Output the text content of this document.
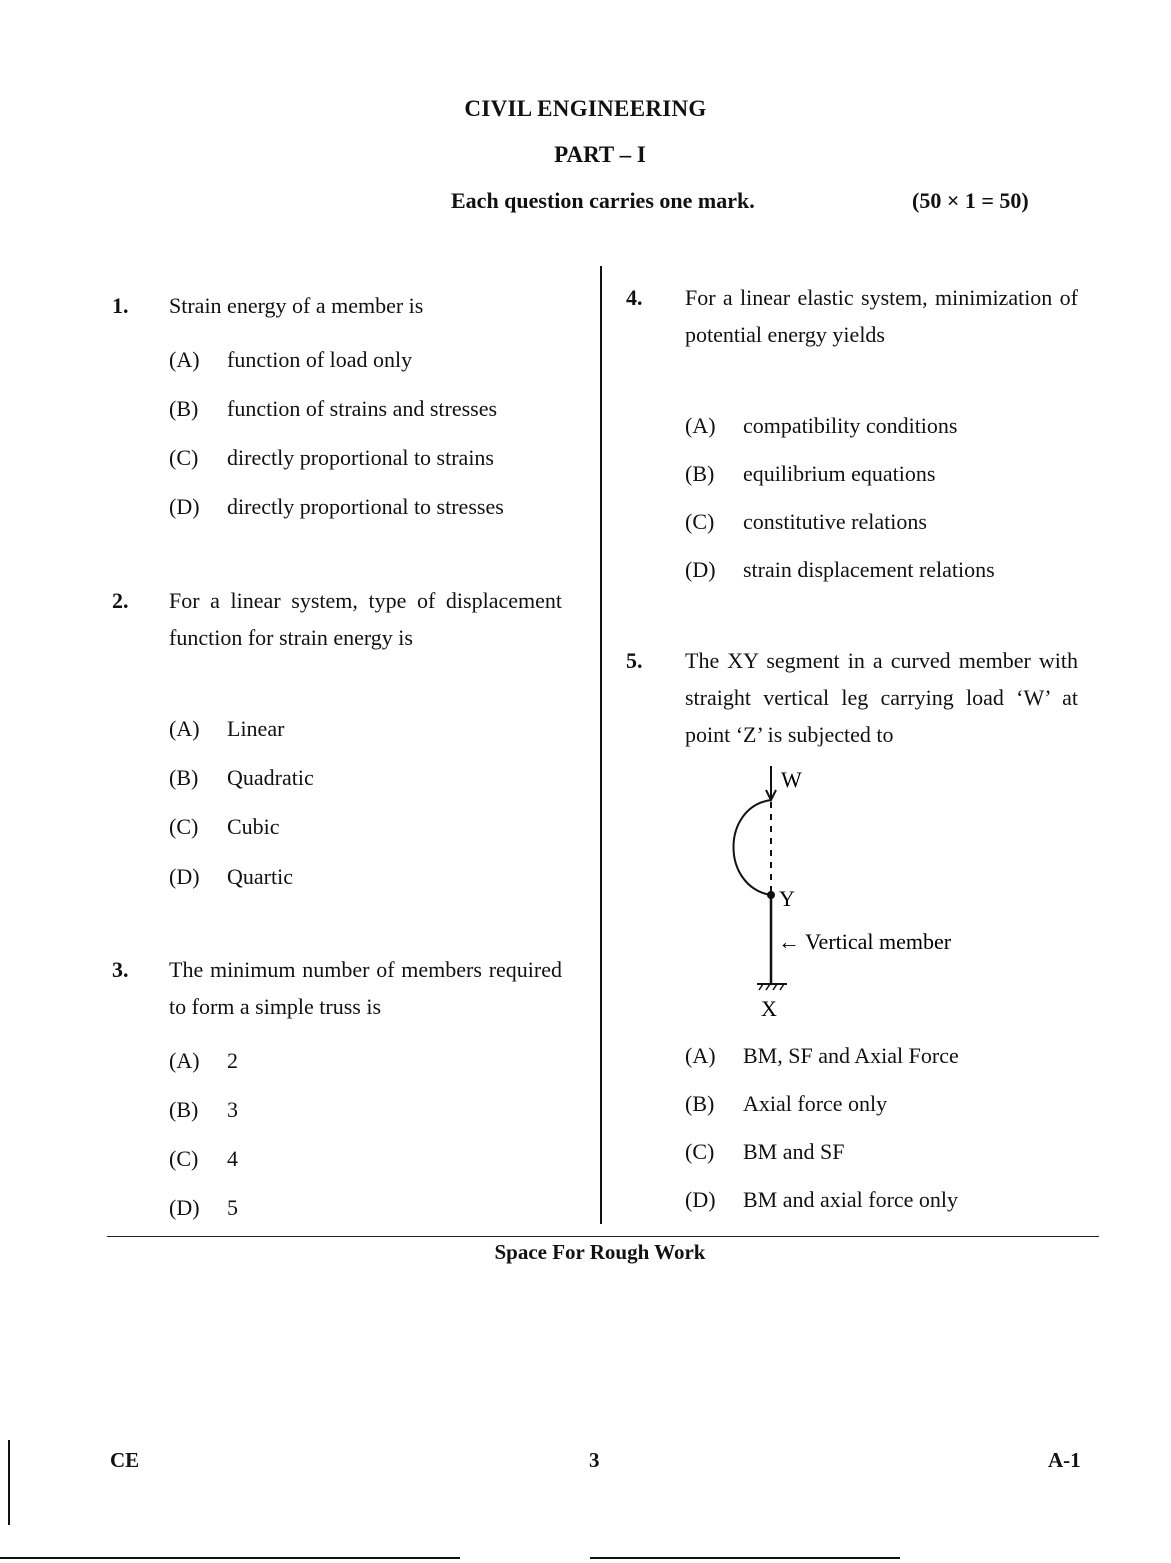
CIVIL ENGINEERING
PART – I
Each question carries one mark.	(50 × 1 = 50)
1. Strain energy of a member is
(A) function of load only
(B) function of strains and stresses
(C) directly proportional to strains
(D) directly proportional to stresses
2. For a linear system, type of displacement function for strain energy is
(A) Linear
(B) Quadratic
(C) Cubic
(D) Quartic
3. The minimum number of members required to form a simple truss is
(A) 2
(B) 3
(C) 4
(D) 5
4. For a linear elastic system, minimization of potential energy yields
(A) compatibility conditions
(B) equilibrium equations
(C) constitutive relations
(D) strain displacement relations
5. The XY segment in a curved member with straight vertical leg carrying load ‘W’ at point ‘Z’ is subjected to
W
Y
X
← Vertical member
(A) BM, SF and Axial Force
(B) Axial force only
(C) BM and SF
(D) BM and axial force only
Space For Rough Work
CE	3	A-1
